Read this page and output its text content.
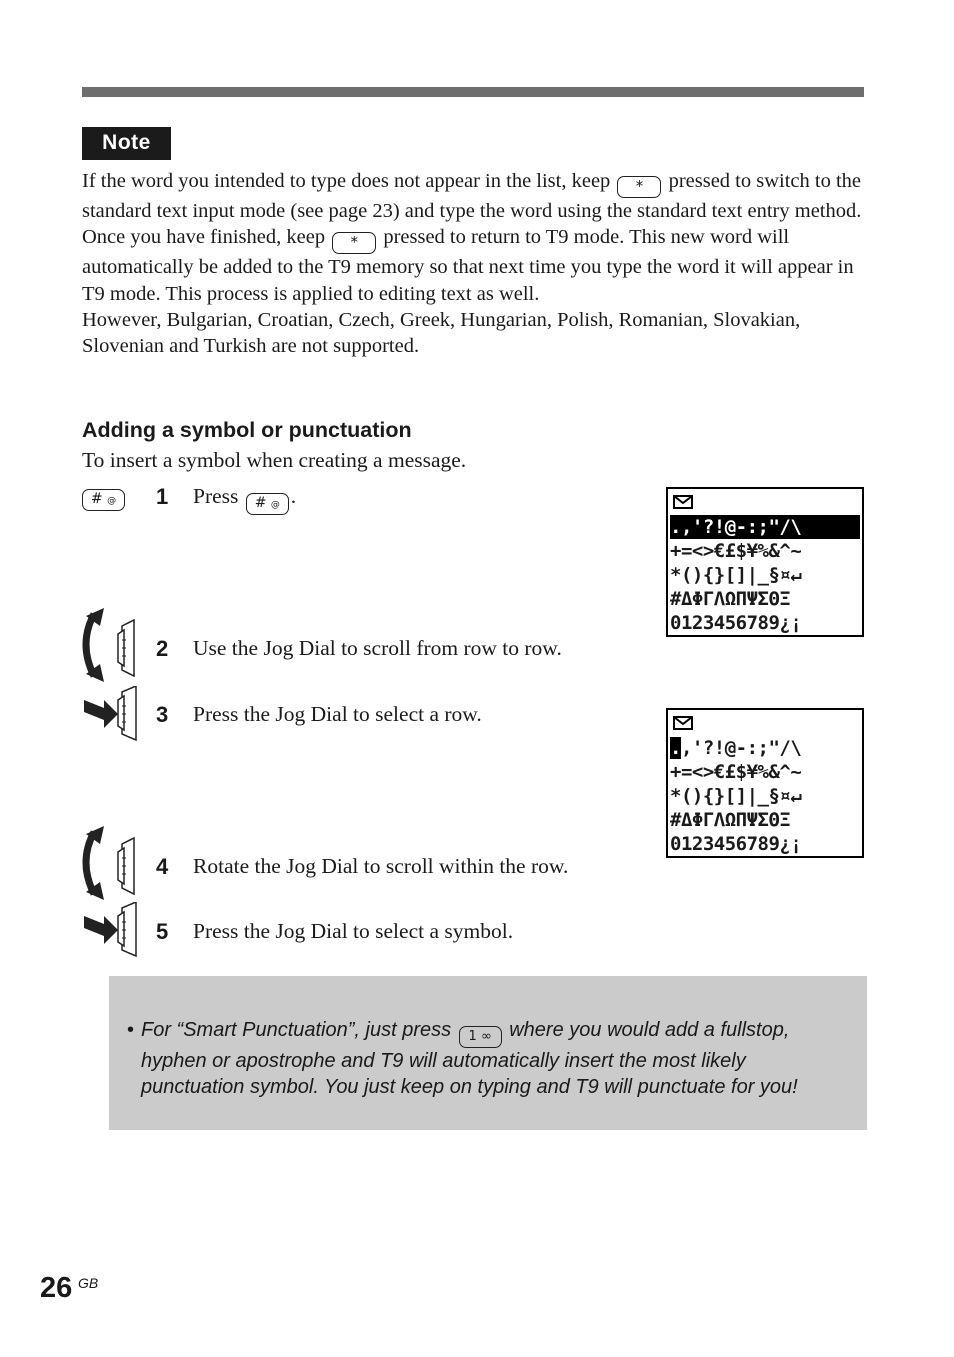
Note

If the word you intended to type does not appear in the list, keep * pressed to switch to the standard text input mode (see page 23) and type the word using the standard text entry method. Once you have finished, keep * pressed to return to T9 mode. This new word will automatically be added to the T9 memory so that next time you type the word it will appear in T9 mode. This process is applied to editing text as well.

However, Bulgarian, Croatian, Czech, Greek, Hungarian, Polish, Romanian, Slovakian, Slovenian and Turkish are not supported.

Adding a symbol or punctuation

To insert a symbol when creating a message.

# @	1 Press # @ .
2 Use the Jog Dial to scroll from row to row.
3 Press the Jog Dial to select a row.
4 Rotate the Jog Dial to scroll within the row.
5 Press the Jog Dial to select a symbol.
.,'?!@-:;"/\
+=<>€£$¥%&^~
*(){}[]|_§¤↵
#ΔΦΓΛΩΠΨΣΘΞ
0123456789¿¡
.,'?!@-:;"/\
+=<>€£$¥%&^~
*(){}[]|_§¤↵
#ΔΦΓΛΩΠΨΣΘΞ
0123456789¿¡
• For “Smart Punctuation”, just press 1 ∞ where you would add a fullstop, hyphen or apostrophe and T9 will automatically insert the most likely punctuation symbol. You just keep on typing and T9 will punctuate for you!
26 GB
